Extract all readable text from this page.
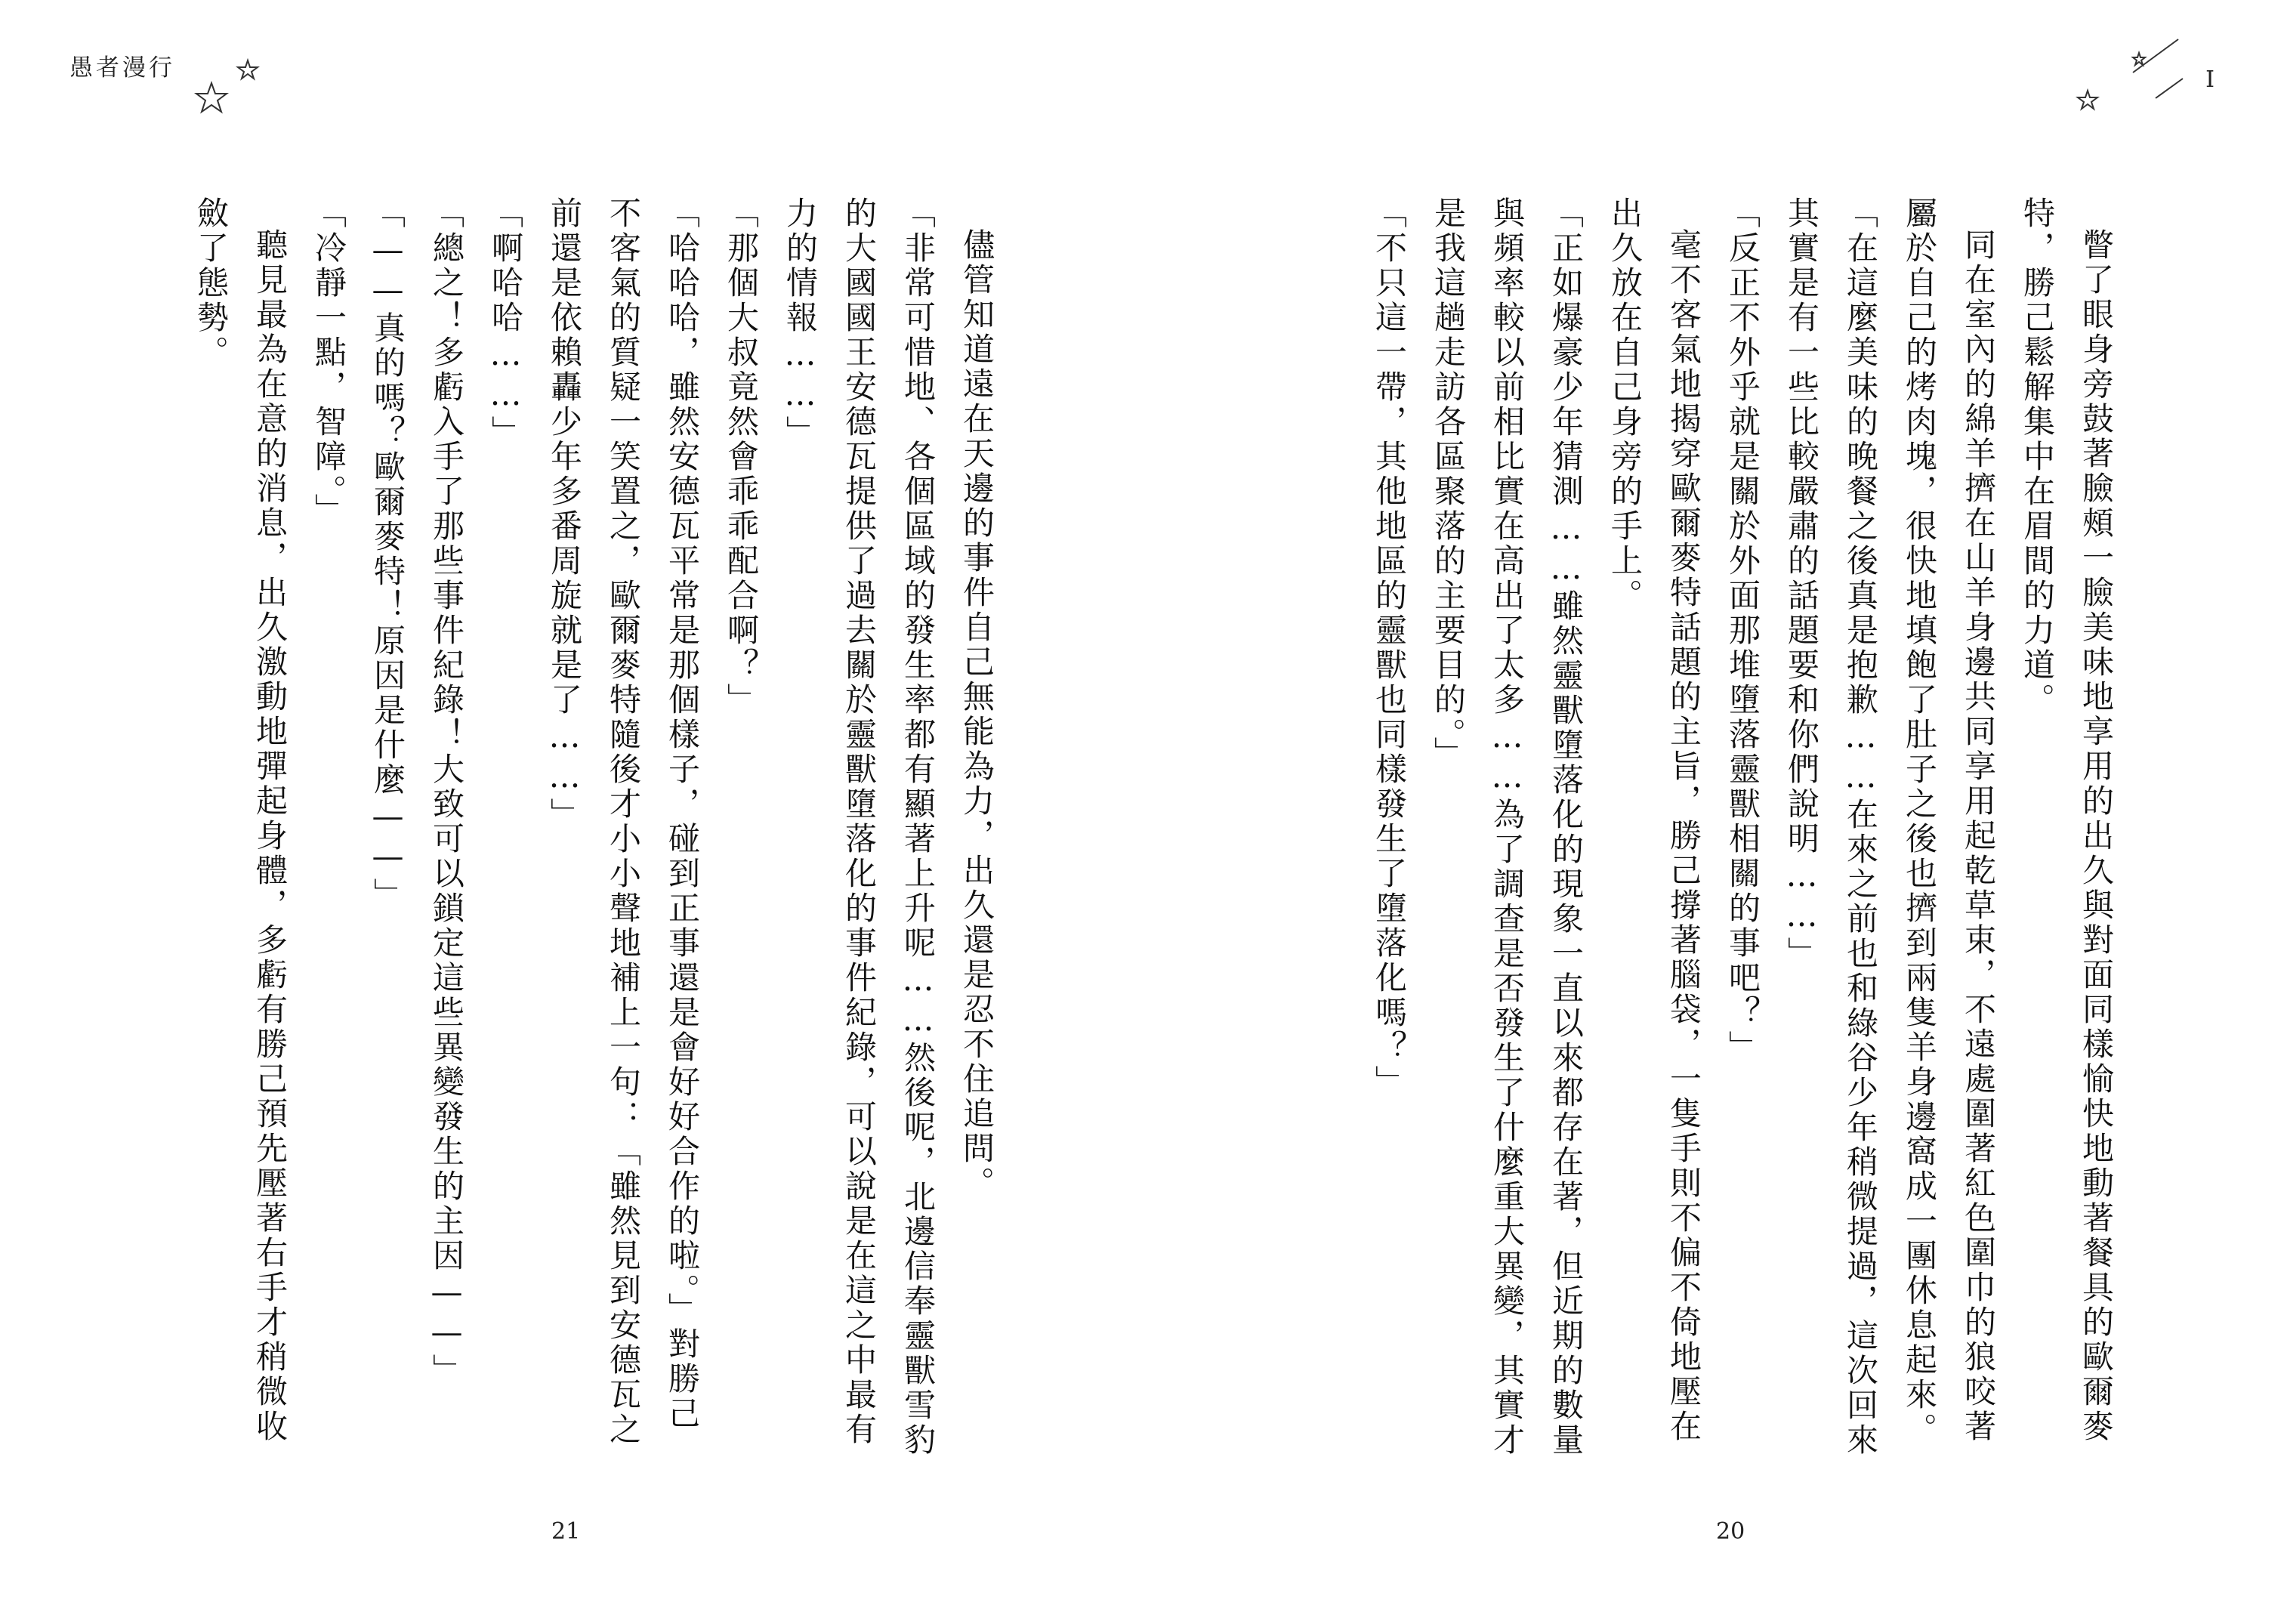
愚者漫行

儘管知道遠在天邊的事件自己無能為力，出久還是忍不住追問。

「非常可惜地、各個區域的發生率都有顯著上升呢……然後呢，北邊信奉靈獸雪豹的大國國王安德瓦提供了過去關於靈獸墮落化的事件紀錄，可以說是在這之中最有力的情報……」

「那個大叔竟然會乖乖配合啊？」

「哈哈哈，雖然安德瓦平常是那個樣子，碰到正事還是會好好合作的啦。」對勝己不客氣的質疑一笑置之，歐爾麥特隨後才小小聲地補上一句：「雖然見到安德瓦之前還是依賴轟少年多番周旋就是了……」

「啊哈哈……」

「總之！多虧入手了那些事件紀錄！大致可以鎖定這些異變發生的主因——」

「——真的嗎？歐爾麥特！原因是什麼——」

「冷靜一點，智障。」

聽見最為在意的消息，出久激動地彈起身體，多虧有勝己預先壓著右手才稍微收斂了態勢。

21
I

瞥了眼身旁鼓著臉頰一臉美味地享用的出久與對面同樣愉快地動著餐具的歐爾麥特，勝己鬆解集中在眉間的力道。

同在室內的綿羊擠在山羊身邊共同享用起乾草束，不遠處圍著紅色圍巾的狼咬著屬於自己的烤肉塊，很快地填飽了肚子之後也擠到兩隻羊身邊窩成一團休息起來。

「在這麼美味的晚餐之後真是抱歉……在來之前也和綠谷少年稍微提過，這次回來其實是有一些比較嚴肅的話題要和你們說明……」

「反正不外乎就是關於外面那堆墮落靈獸相關的事吧？」

毫不客氣地揭穿歐爾麥特話題的主旨，勝己撐著腦袋，一隻手則不偏不倚地壓在出久放在自己身旁的手上。

「正如爆豪少年猜測……雖然靈獸墮落化的現象一直以來都存在著，但近期的數量與頻率較以前相比實在高出了太多……為了調查是否發生了什麼重大異變，其實才是我這趟走訪各區聚落的主要目的。」

「不只這一帶，其他地區的靈獸也同樣發生了墮落化嗎？」

20
